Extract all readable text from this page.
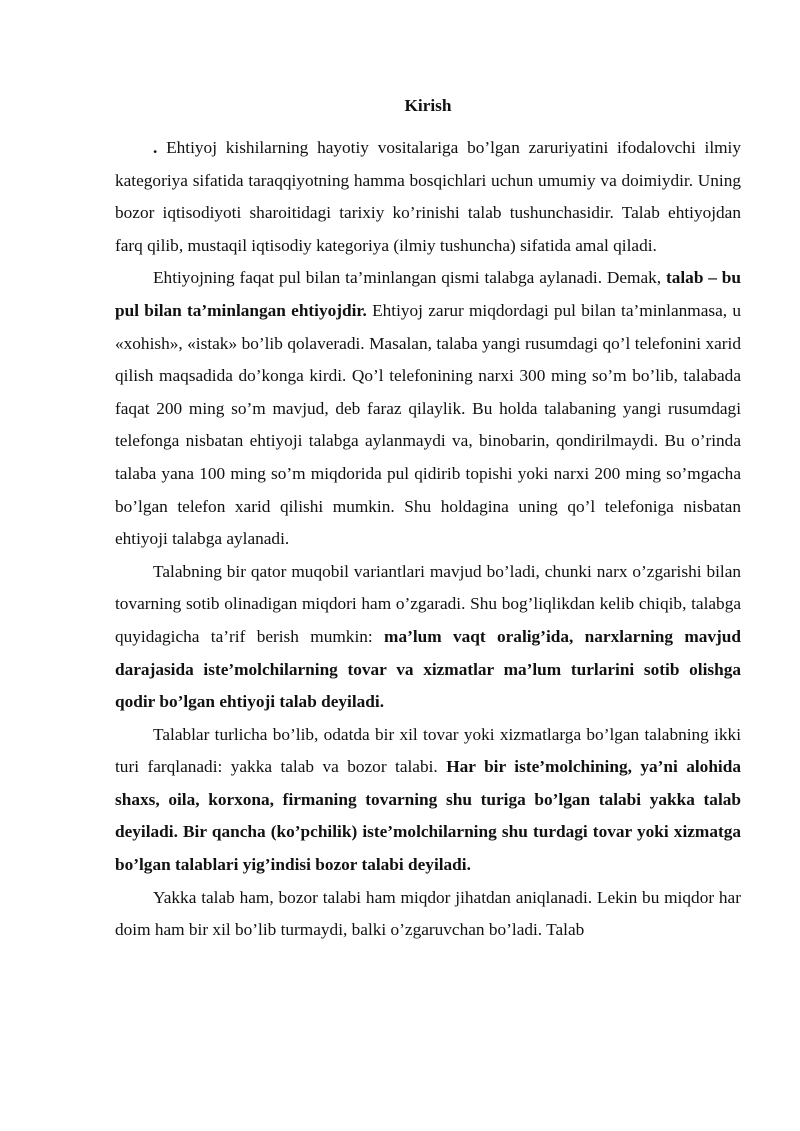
Kirish

. Ehtiyoj kishilarning hayotiy vositalariga bo’lgan zaruriyatini ifodalovchi ilmiy kategoriya sifatida taraqqiyotning hamma bosqichlari uchun umumiy va doimiydir. Uning bozor iqtisodiyoti sharoitidagi tarixiy ko’rinishi talab tushunchasidir. Talab ehtiyojdan farq qilib, mustaqil iqtisodiy kategoriya (ilmiy tushuncha) sifatida amal qiladi.

Ehtiyojning faqat pul bilan ta’minlangan qismi talabga aylanadi. Demak, talab – bu pul bilan ta’minlangan ehtiyojdir. Ehtiyoj zarur miqdordagi pul bilan ta’minlanmasa, u «xohish», «istak» bo’lib qolaveradi. Masalan, talaba yangi rusumdagi qo’l telefonini xarid qilish maqsadida do’konga kirdi. Qo’l telefonining narxi 300 ming so’m bo’lib, talabada faqat 200 ming so’m mavjud, deb faraz qilaylik. Bu holda talabaning yangi rusumdagi telefonga nisbatan ehtiyoji talabga aylanmaydi va, binobarin, qondirilmaydi. Bu o’rinda talaba yana 100 ming so’m miqdorida pul qidirib topishi yoki narxi 200 ming so’mgacha bo’lgan telefon xarid qilishi mumkin. Shu holdagina uning qo’l telefoniga nisbatan ehtiyoji talabga aylanadi.

Talabning bir qator muqobil variantlari mavjud bo’ladi, chunki narx o’zgarishi bilan tovarning sotib olinadigan miqdori ham o’zgaradi. Shu bog’liqlikdan kelib chiqib, talabga quyidagicha ta’rif berish mumkin: ma’lum vaqt oralig’ida, narxlarning mavjud darajasida iste’molchilarning tovar va xizmatlar ma’lum turlarini sotib olishga qodir bo’lgan ehtiyoji talab deyiladi.

Talablar turlicha bo’lib, odatda bir xil tovar yoki xizmatlarga bo’lgan talabning ikki turi farqlanadi: yakka talab va bozor talabi. Har bir iste’molchining, ya’ni alohida shaxs, oila, korxona, firmaning tovarning shu turiga bo’lgan talabi yakka talab deyiladi. Bir qancha (ko’pchilik) iste’molchilarning shu turdagi tovar yoki xizmatga bo’lgan talablari yig’indisi bozor talabi deyiladi.

Yakka talab ham, bozor talabi ham miqdor jihatdan aniqlanadi. Lekin bu miqdor har doim ham bir xil bo’lib turmaydi, balki o’zgaruvchan bo’ladi. Talab
